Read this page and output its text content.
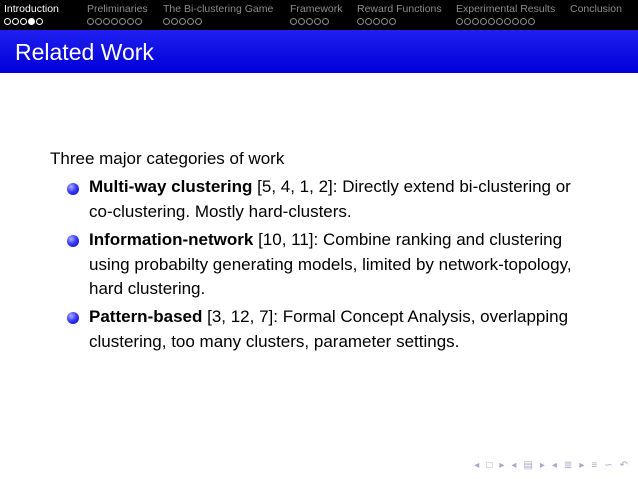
Introduction	Preliminaries The Bi-clustering Game Framework Reward Functions Experimental Results Conclusion
Related Work
Three major categories of work
Multi-way clustering [5, 4, 1, 2]: Directly extend bi-clustering or co-clustering. Mostly hard-clusters.
Information-network [10, 11]: Combine ranking and clustering using probabilty generating models, limited by network-topology, hard clustering.
Pattern-based [3, 12, 7]: Formal Concept Analysis, overlapping clustering, too many clusters, parameter settings.
◂ □ ▸ ◂ ▤ ▸ ◂ ≣ ▸ ≡ ∽ ↶
